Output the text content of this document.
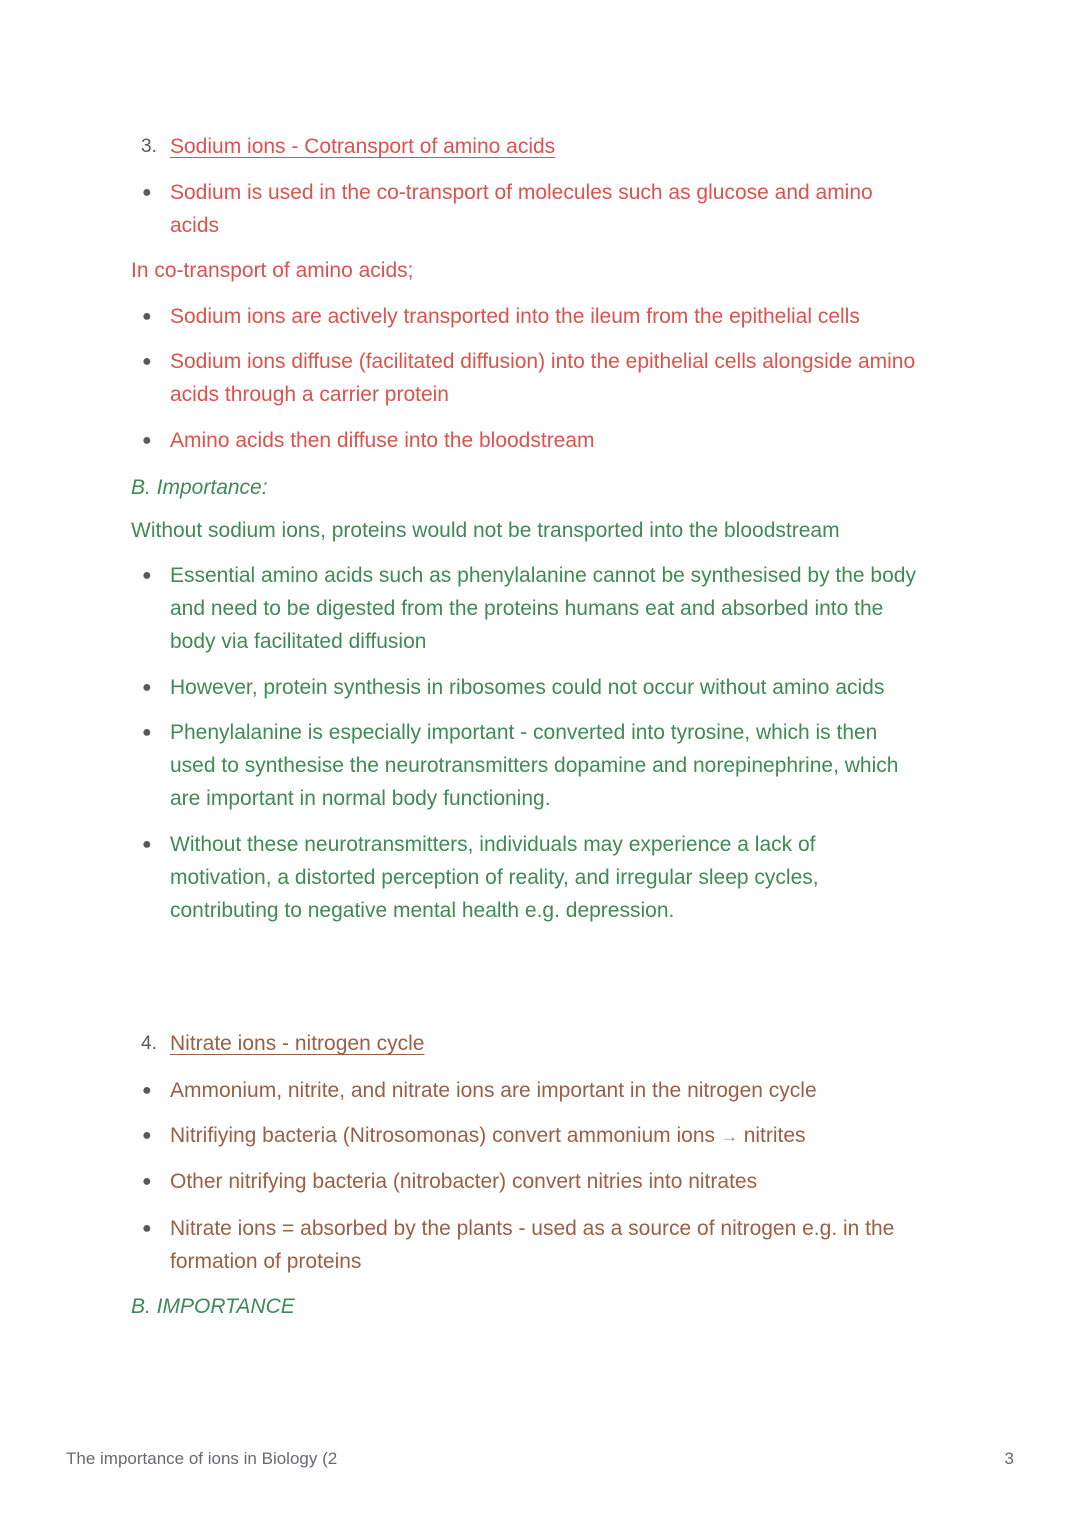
3. Sodium ions - Cotransport of amino acids
● Sodium is used in the co-transport of molecules such as glucose and amino
acids
In co-transport of amino acids;
● Sodium ions are actively transported into the ileum from the epithelial cells
● Sodium ions diffuse (facilitated diffusion) into the epithelial cells alongside amino
acids through a carrier protein
● Amino acids then diffuse into the bloodstream
B. Importance:
Without sodium ions, proteins would not be transported into the bloodstream
● Essential amino acids such as phenylalanine cannot be synthesised by the body
and need to be digested from the proteins humans eat and absorbed into the
body via facilitated diffusion
● However, protein synthesis in ribosomes could not occur without amino acids
● Phenylalanine is especially important - converted into tyrosine, which is then
used to synthesise the neurotransmitters dopamine and norepinephrine, which
are important in normal body functioning.
● Without these neurotransmitters, individuals may experience a lack of
motivation, a distorted perception of reality, and irregular sleep cycles,
contributing to negative mental health e.g. depression.
4. Nitrate ions - nitrogen cycle
● Ammonium, nitrite, and nitrate ions are important in the nitrogen cycle
● Nitrifiying bacteria (Nitrosomonas) convert ammonium ions → nitrites
● Other nitrifying bacteria (nitrobacter) convert nitries into nitrates
● Nitrate ions = absorbed by the plants - used as a source of nitrogen e.g. in the
formation of proteins
B. IMPORTANCE
The importance of ions in Biology (2	3
